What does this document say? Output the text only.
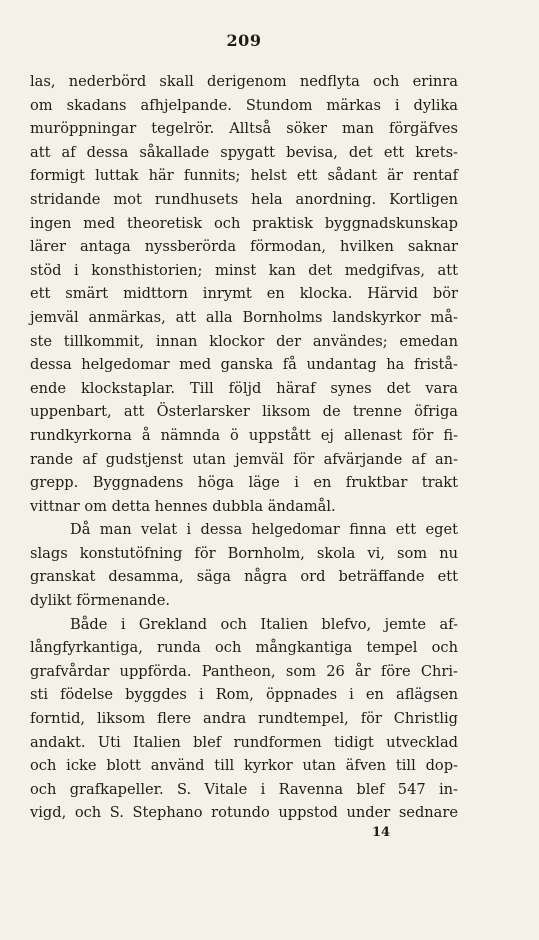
209
las, nederbörd skall derigenom nedflyta och erinra
om skadans afhjelpande. Stundom märkas i dylika
muröppningar tegelrör. Alltså söker man förgäfves
att af dessa såkallade spygatt bevisa, det ett krets-
formigt luttak här funnits; helst ett sådant är rentaf
stridande mot rundhusets hela anordning. Kortligen
ingen med theoretisk och praktisk byggnadskunskap
lärer antaga nyssberörda förmodan, hvilken saknar
stöd i konsthistorien; minst kan det medgifvas, att
ett smärt midttorn inrymt en klocka. Härvid bör
jemväl anmärkas, att alla Bornholms landskyrkor må-
ste tillkommit, innan klockor der användes; emedan
dessa helgedomar med ganska få undantag ha fristå-
ende klockstaplar. Till följd häraf synes det vara
uppenbart, att Österlarsker liksom de trenne öfriga
rundkyrkorna å nämnda ö uppstått ej allenast för fi-
rande af gudstjenst utan jemväl för afvärjande af an-
grepp. Byggnadens höga läge i en fruktbar trakt
vittnar om detta hennes dubbla ändamål.
Då man velat i dessa helgedomar finna ett eget
slags konstutöfning för Bornholm, skola vi, som nu
granskat desamma, säga några ord beträffande ett
dylikt förmenande.
Både i Grekland och Italien blefvo, jemte af-
långfyrkantiga, runda och mångkantiga tempel och
grafvårdar uppförda. Pantheon, som 26 år före Chri-
sti födelse byggdes i Rom, öppnades i en aflägsen
forntid, liksom flere andra rundtempel, för Christlig
andakt. Uti Italien blef rundformen tidigt utvecklad
och icke blott använd till kyrkor utan äfven till dop-
och grafkapeller. S. Vitale i Ravenna blef 547 in-
vigd, och S. Stephano rotundo uppstod under sednare
14
